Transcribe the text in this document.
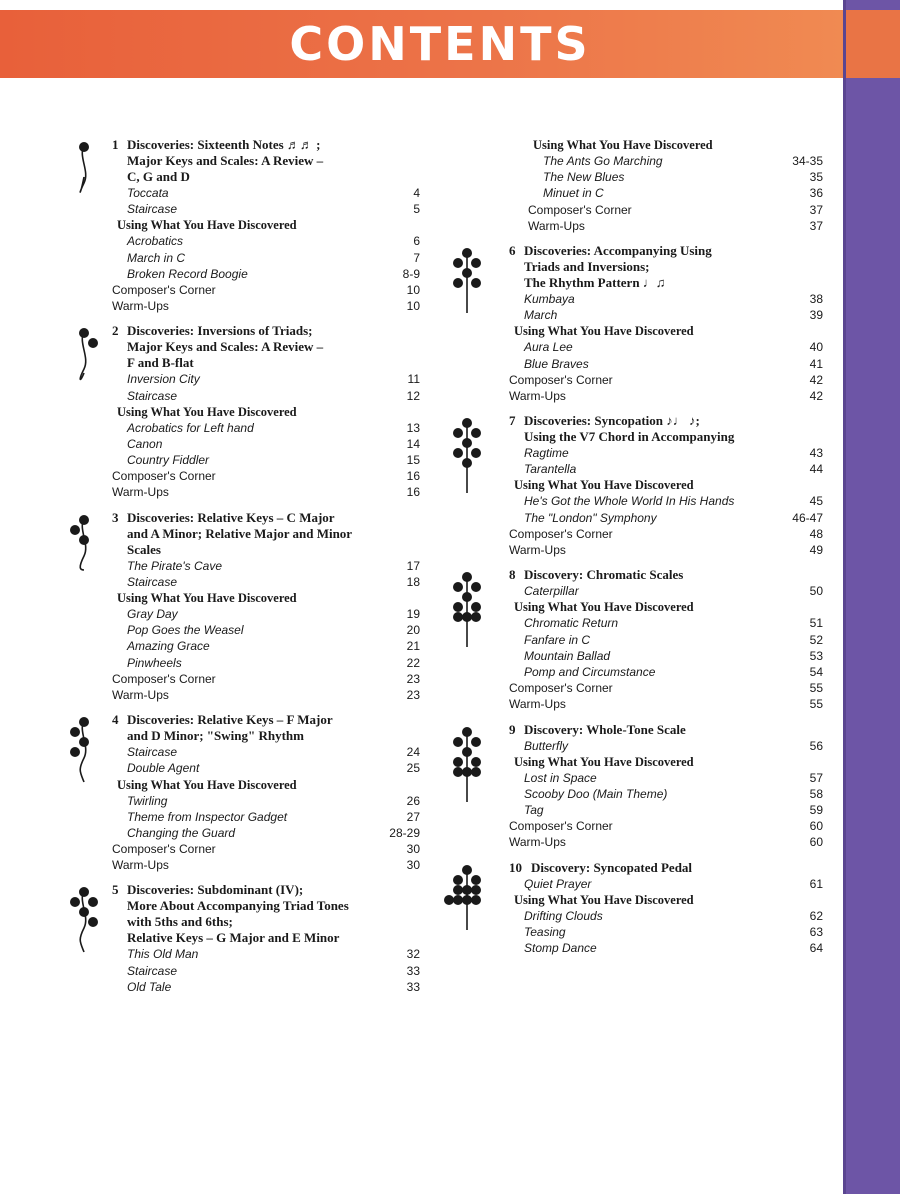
CONTENTS
1 Discoveries: Sixteenth Notes ♬♬ ;
Major Keys and Scales: A Review –
C, G and D
Toccata	4
Staircase	5
Using What You Have Discovered
Acrobatics	6
March in C	7
Broken Record Boogie	8-9
Composer's Corner	10
Warm-Ups	10
2 Discoveries: Inversions of Triads;
Major Keys and Scales: A Review –
F and B-flat
Inversion City	11
Staircase	12
Using What You Have Discovered
Acrobatics for Left hand	13
Canon	14
Country Fiddler	15
Composer's Corner	16
Warm-Ups	16
3 Discoveries: Relative Keys – C Major
and A Minor; Relative Major and Minor
Scales
The Pirate's Cave	17
Staircase	18
Using What You Have Discovered
Gray Day	19
Pop Goes the Weasel	20
Amazing Grace	21
Pinwheels	22
Composer's Corner	23
Warm-Ups	23
4 Discoveries: Relative Keys – F Major
and D Minor; "Swing" Rhythm
Staircase	24
Double Agent	25
Using What You Have Discovered
Twirling	26
Theme from Inspector Gadget	27
Changing the Guard	28-29
Composer's Corner	30
Warm-Ups	30
5 Discoveries: Subdominant (IV);
More About Accompanying Triad Tones
with 5ths and 6ths;
Relative Keys – G Major and E Minor
This Old Man	32
Staircase	33
Old Tale	33
Using What You Have Discovered
The Ants Go Marching	34-35
The New Blues	35
Minuet in C	36
Composer's Corner	37
Warm-Ups	37
6 Discoveries: Accompanying Using
Triads and Inversions;
The Rhythm Pattern ♩♫
Kumbaya	38
March	39
Using What You Have Discovered
Aura Lee	40
Blue Braves	41
Composer's Corner	42
Warm-Ups	42
7 Discoveries: Syncopation ♪♩ ♪;
Using the V7 Chord in Accompanying
Ragtime	43
Tarantella	44
Using What You Have Discovered
He's Got the Whole World In His Hands	45
The "London" Symphony	46-47
Composer's Corner	48
Warm-Ups	49
8 Discovery: Chromatic Scales
Caterpillar	50
Using What You Have Discovered
Chromatic Return	51
Fanfare in C	52
Mountain Ballad	53
Pomp and Circumstance	54
Composer's Corner	55
Warm-Ups	55
9 Discovery: Whole-Tone Scale
Butterfly	56
Using What You Have Discovered
Lost in Space	57
Scooby Doo (Main Theme)	58
Tag	59
Composer's Corner	60
Warm-Ups	60
10 Discovery: Syncopated Pedal
Quiet Prayer	61
Using What You Have Discovered
Drifting Clouds	62
Teasing	63
Stomp Dance	64
